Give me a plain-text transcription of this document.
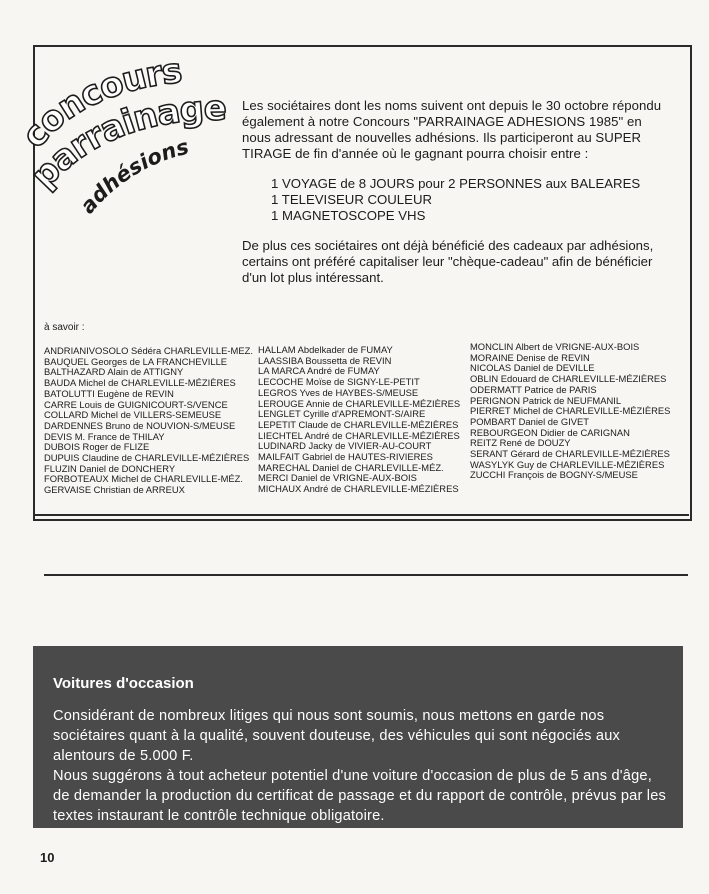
oncours
parrainage
adhésions

Les sociétaires dont les noms suivent ont depuis le 30 octobre répondu également à notre Concours "PARRAINAGE ADHESIONS 1985" en nous adressant de nouvelles adhésions. Ils participeront au SUPER TIRAGE de fin d'année où le gagnant pourra choisir entre :

1 VOYAGE de 8 JOURS pour 2 PERSONNES aux BALEARES
1 TELEVISEUR COULEUR
1 MAGNETOSCOPE VHS

De plus ces sociétaires ont déjà bénéficié des cadeaux par adhésions, certains ont préféré capitaliser leur "chèque-cadeau" afin de bénéficier d'un lot plus intéressant.

à savoir :
ANDRIANIVOSOLO Sédéra CHARLEVILLE-MEZ.
BAUQUEL Georges de LA FRANCHEVILLE
BALTHAZARD Alain de ATTIGNY
BAUDA Michel de CHARLEVILLE-MÉZIÈRES
BATOLUTTI Eugène de REVIN
CARRE Louis de GUIGNICOURT-S/VENCE
COLLARD Michel de VILLERS-SEMEUSE
DARDENNES Bruno de NOUVION-S/MEUSE
DEVIS M. France de THILAY
DUBOIS Roger de FLIZE
DUPUIS Claudine de CHARLEVILLE-MÉZIÈRES
FLUZIN Daniel de DONCHERY
FORBOTEAUX Michel de CHARLEVILLE-MÉZ.
GERVAISE Christian de ARREUX
HALLAM Abdelkader de FUMAY
LAASSIBA Boussetta de REVIN
LA MARCA André de FUMAY
LECOCHE Moïse de SIGNY-LE-PETIT
LEGROS Yves de HAYBES-S/MEUSE
LEROUGE Annie de CHARLEVILLE-MÉZIÈRES
LENGLET Cyrille d'APREMONT-S/AIRE
LEPETIT Claude de CHARLEVILLE-MÉZIÈRES
LIECHTEL André de CHARLEVILLE-MÉZIÈRES
LUDINARD Jacky de VIVIER-AU-COURT
MAILFAIT Gabriel de HAUTES-RIVIERES
MARECHAL Daniel de CHARLEVILLE-MÉZ.
MERCI Daniel de VRIGNE-AUX-BOIS
MICHAUX André de CHARLEVILLE-MÉZIÈRES
MONCLIN Albert de VRIGNE-AUX-BOIS
MORAINE Denise de REVIN
NICOLAS Daniel de DEVILLE
OBLIN Edouard de CHARLEVILLE-MÉZIÈRES
ODERMATT Patrice de PARIS
PERIGNON Patrick de NEUFMANIL
PIERRET Michel de CHARLEVILLE-MÉZIÈRES
POMBART Daniel de GIVET
REBOURGEON Didier de CARIGNAN
REITZ René de DOUZY
SERANT Gérard de CHARLEVILLE-MÉZIÈRES
WASYLYK Guy de CHARLEVILLE-MÉZIÈRES
ZUCCHI François de BOGNY-S/MEUSE
Voitures d'occasion
Considérant de nombreux litiges qui nous sont soumis, nous mettons en garde nos sociétaires quant à la qualité, souvent douteuse, des véhicules qui sont négociés aux alentours de 5.000 F.
Nous suggérons à tout acheteur potentiel d'une voiture d'occasion de plus de 5 ans d'âge, de demander la production du certificat de passage et du rapport de contrôle, prévus par les textes instaurant le contrôle technique obligatoire.
10
